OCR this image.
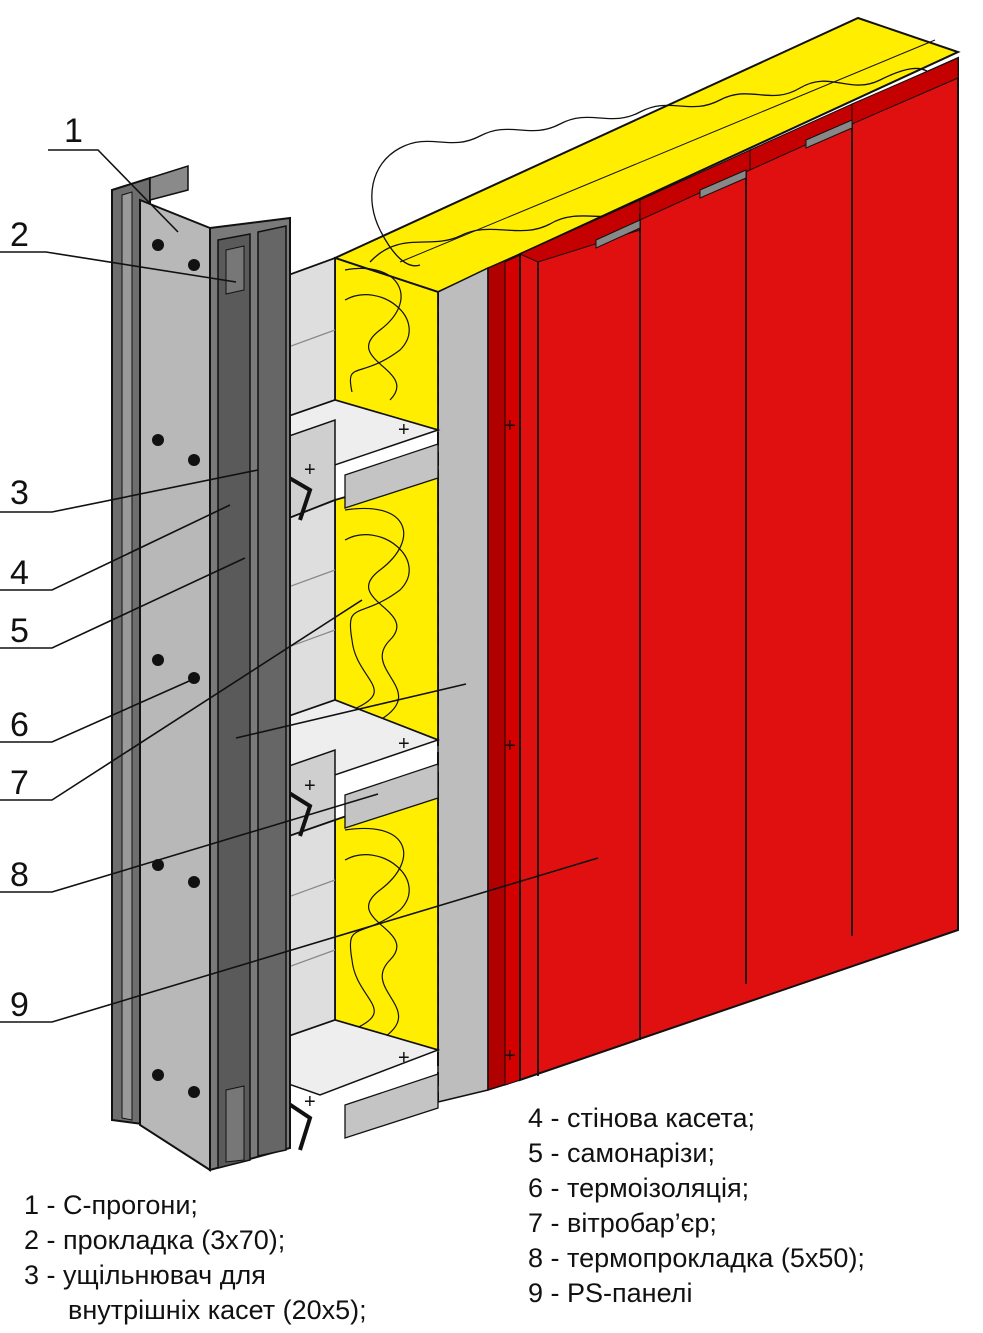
+
+
+
+
+
+
+
+
+
1
2
3
4
5
6
7
8
9
1 - С-прогони;
2 - прокладка (3х70);
3 - ущільнювач для
внутрішніх касет (20х5);
4 - стінова касета;
5 - самонарізи;
6 - термоізоляція;
7 - вітробар’єр;
8 - термопрокладка (5х50);
9 - PS-панелі
